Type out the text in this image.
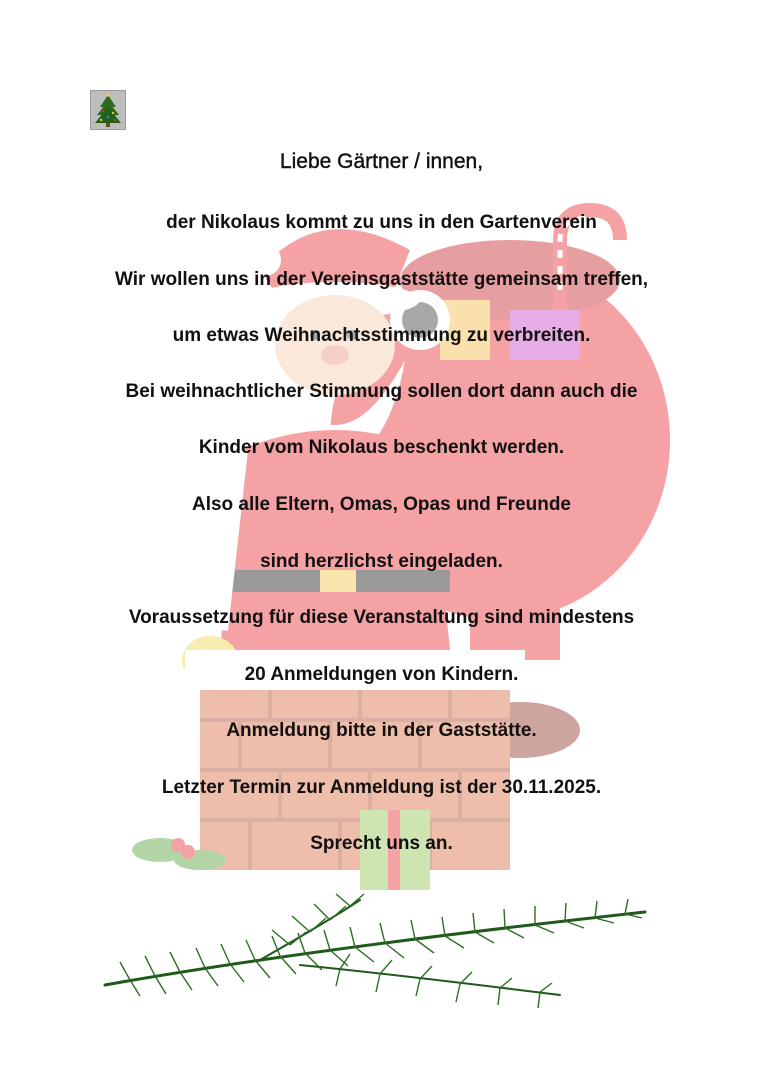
Liebe Gärtner / innen,
der Nikolaus kommt zu uns in den Gartenverein
Wir wollen uns in der Vereinsgaststätte gemeinsam treffen,
um etwas Weihnachtsstimmung zu verbreiten.
Bei weihnachtlicher Stimmung sollen dort dann auch die
Kinder vom Nikolaus beschenkt werden.
Also alle Eltern, Omas, Opas und Freunde
sind herzlichst eingeladen.
Voraussetzung für diese Veranstaltung sind mindestens
20 Anmeldungen von Kindern.
Anmeldung bitte in der Gaststätte.
Letzter Termin zur Anmeldung ist der 30.11.2025.
Sprecht uns an.
